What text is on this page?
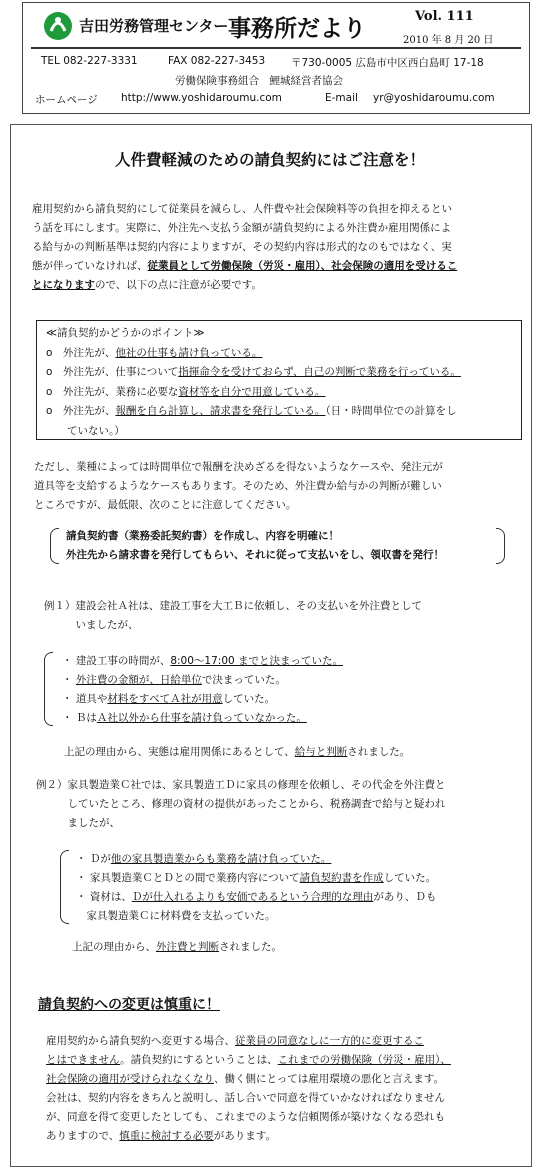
吉田労務管理センター 事務所だより	Vol. 111
2010 年 8 月 20 日
TEL 082-227-3331	FAX 082-227-3453 〒730-0005 広島市中区西白島町 17-18
労働保険事務組合　鯉城経営者協会
ホームページ http://www.yoshidaroumu.com	E-mail yr@yoshidaroumu.com
人件費軽減のための請負契約にはご注意を！
雇用契約から請負契約にして従業員を減らし、人件費や社会保険料等の負担を抑えるとい
う話を耳にします。実際に、外注先へ支払う金額が請負契約による外注費か雇用関係によ
る給与かの判断基準は契約内容によりますが、その契約内容は形式的なのもではなく、実
態が伴っていなければ、従業員として労働保険（労災・雇用）、社会保険の適用を受けるこ
とになりますので、以下の点に注意が必要です。
≪請負契約かどうかのポイント≫
o　外注先が、他社の仕事も請け負っている。
o　外注先が、仕事について指揮命令を受けておらず、自己の判断で業務を行っている。
o　外注先が、業務に必要な資材等を自分で用意している。
o　外注先が、報酬を自ら計算し、請求書を発行している。（日・時間単位での計算をし
　　ていない。）
ただし、業種によっては時間単位で報酬を決めざるを得ないようなケースや、発注元が
道具等を支給するようなケースもあります。そのため、外注費か給与かの判断が難しい
ところですが、最低限、次のことに注意してください。
請負契約書（業務委託契約書）を作成し、内容を明確に！
外注先から請求書を発行してもらい、それに従って支払いをし、領収書を発行！
例１）建設会社Ａ社は、建設工事を大工Ｂに依頼し、その支払いを外注費として
　　　いましたが、
・ 建設工事の時間が、8:00〜17:00 までと決まっていた。
・ 外注費の金額が、日給単位で決まっていた。
・ 道具や材料をすべてＡ社が用意していた。
・ ＢはＡ社以外から仕事を請け負っていなかった。
上記の理由から、実態は雇用関係にあるとして、給与と判断されました。
例２）家具製造業Ｃ社では、家具製造工Ｄに家具の修理を依頼し、その代金を外注費と
　　　していたところ、修理の資材の提供があったことから、税務調査で給与と疑われ
　　　ましたが、
・ Ｄが他の家具製造業からも業務を請け負っていた。
・ 家具製造業ＣとＤとの間で業務内容について請負契約書を作成していた。
・ 資材は、Ｄが仕入れるよりも安価であるという合理的な理由があり、Ｄも
　家具製造業Ｃに材料費を支払っていた。
上記の理由から、外注費と判断されました。
請負契約への変更は慎重に！
雇用契約から請負契約へ変更する場合、従業員の同意なしに一方的に変更するこ
とはできません。請負契約にするということは、これまでの労働保険（労災・雇用）、
社会保険の適用が受けられなくなり、働く側にとっては雇用環境の悪化と言えます。
会社は、契約内容をきちんと説明し、話し合いで同意を得ていかなければなりません
が、同意を得て変更したとしても、これまでのような信頼関係が築けなくなる恐れも
ありますので、慎重に検討する必要があります。
